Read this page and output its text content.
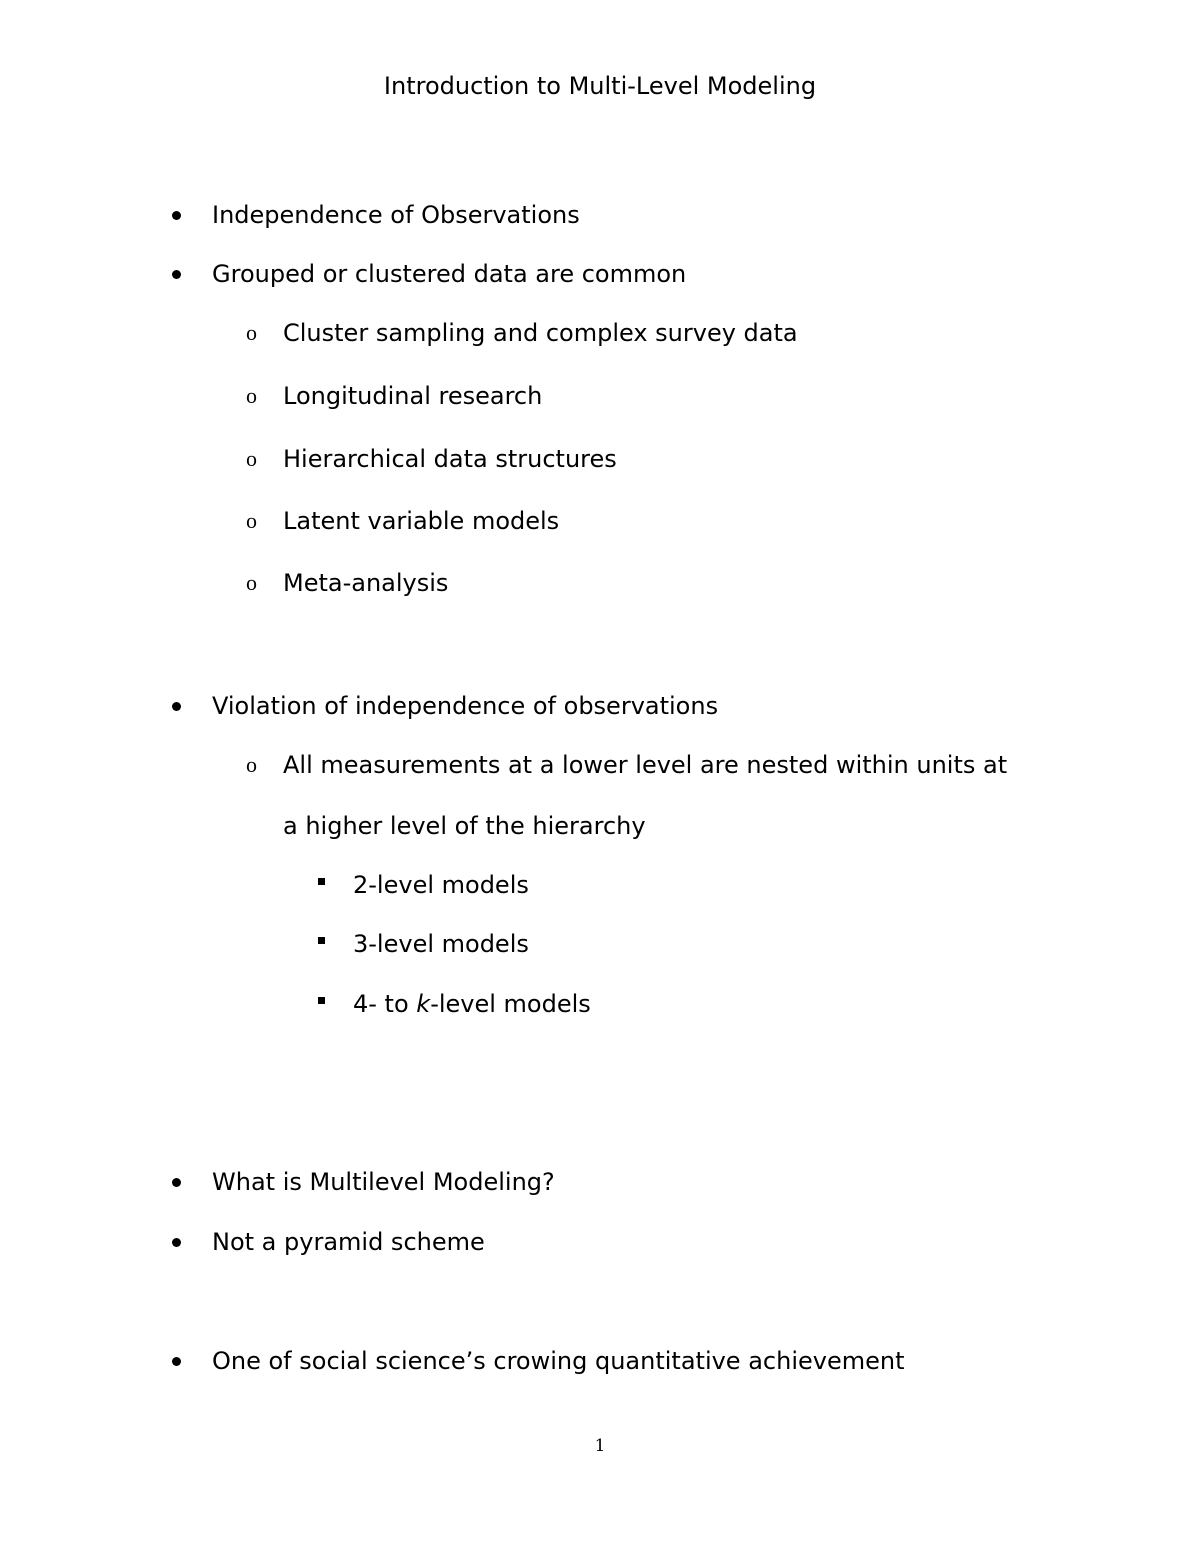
Introduction to Multi-Level Modeling
Independence of Observations
Grouped or clustered data are common
o	Cluster sampling and complex survey data
o	Longitudinal research
o	Hierarchical data structures
o	Latent variable models
o	Meta-analysis
Violation of independence of observations
o	All measurements at a lower level are nested within units at
a higher level of the hierarchy
2-level models
3-level models
4- to k-level models
What is Multilevel Modeling?
Not a pyramid scheme
One of social science’s crowing quantitative achievement
1
